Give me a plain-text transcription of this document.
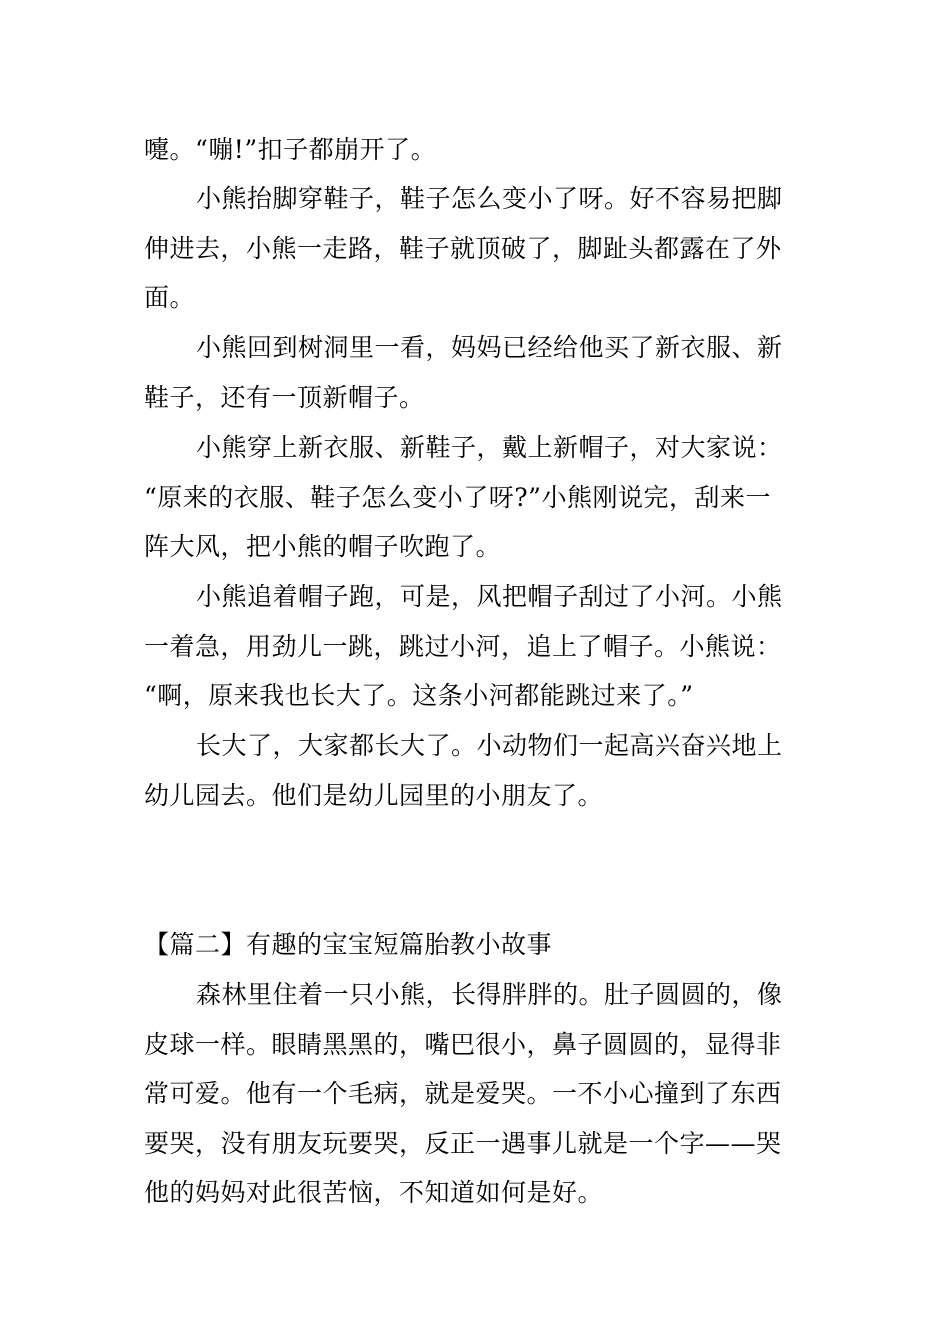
嚏。“嘣!”扣子都崩开了。
小熊抬脚穿鞋子，鞋子怎么变小了呀。好不容易把脚
伸进去，小熊一走路，鞋子就顶破了，脚趾头都露在了外
面。
小熊回到树洞里一看，妈妈已经给他买了新衣服、新
鞋子，还有一顶新帽子。
小熊穿上新衣服、新鞋子，戴上新帽子，对大家说：
“原来的衣服、鞋子怎么变小了呀?”小熊刚说完，刮来一
阵大风，把小熊的帽子吹跑了。
小熊追着帽子跑，可是，风把帽子刮过了小河。小熊
一着急，用劲儿一跳，跳过小河，追上了帽子。小熊说：
“啊，原来我也长大了。这条小河都能跳过来了。”
长大了，大家都长大了。小动物们一起高兴奋兴地上
幼儿园去。他们是幼儿园里的小朋友了。
【篇二】有趣的宝宝短篇胎教小故事
森林里住着一只小熊，长得胖胖的。肚子圆圆的，像
皮球一样。眼睛黑黑的，嘴巴很小，鼻子圆圆的，显得非
常可爱。他有一个毛病，就是爱哭。一不小心撞到了东西
要哭，没有朋友玩要哭，反正一遇事儿就是一个字——哭
他的妈妈对此很苦恼，不知道如何是好。
